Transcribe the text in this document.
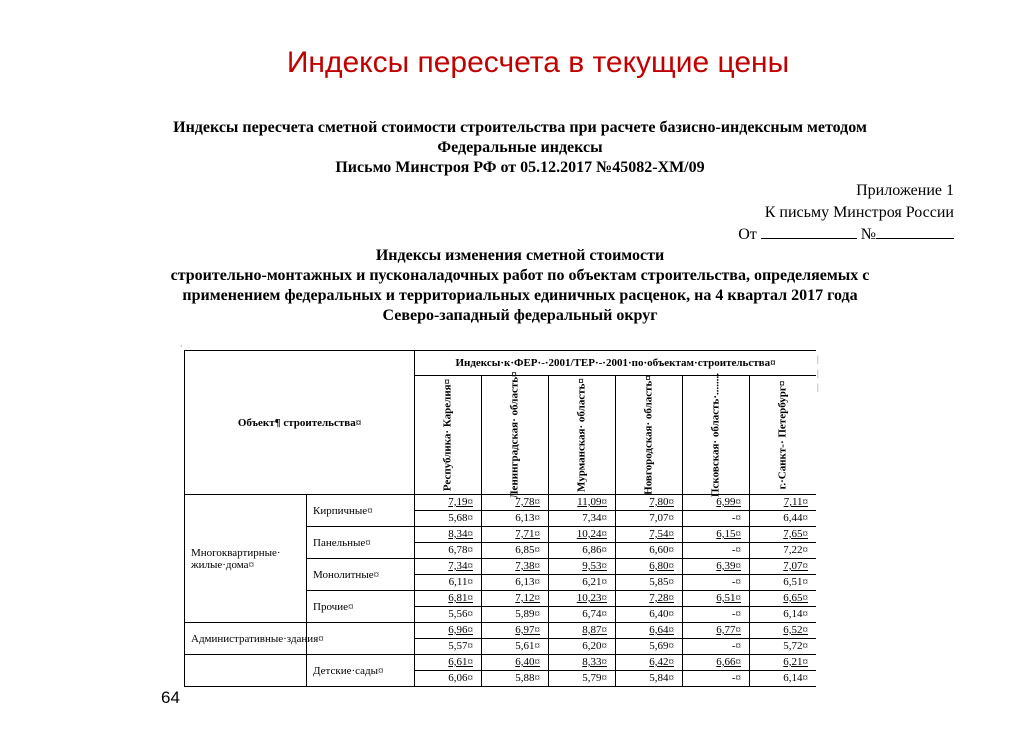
Индексы пересчета в текущие цены
Индексы пересчета сметной стоимости строительства при расчете базисно-индексным методом
Федеральные индексы
Письмо Минстроя РФ от 05.12.2017 №45082-ХМ/09
Приложение 1
К письму Минстроя России
От	№
Индексы изменения сметной стоимости
строительно-монтажных и пусконаладочных работ по объектам строительства, определяемых с
применением федеральных и территориальных единичных расценок, на 4 квартал 2017 года
Северо-западный федеральный округ
·
Объект¶ строительства¤		Индексы·к·ФЕР·-·2001/ТЕР·-·2001·по·объектам·строительства¤					

		Республика· Карелия¤	Ленинградская· область¤	Мурманская· область¤	Новгородская· область¤	Псковская· область·........	г.·Санкт-· Петербург¤

Многоквартирные· жилые·дома¤	Кирпичные¤	7,19¤	7,78¤	11,09¤	7,80¤	6,99¤	7,11¤
		5,68¤	6,13¤	7,34¤	7,07¤	-¤	6,44¤
	Панельные¤	8,34¤	7,71¤	10,24¤	7,54¤	6,15¤	7,65¤
		6,78¤	6,85¤	6,86¤	6,60¤	-¤	7,22¤
	Монолитные¤	7,34¤	7,38¤	9,53¤	6,80¤	6,39¤	7,07¤
		6,11¤	6,13¤	6,21¤	5,85¤	-¤	6,51¤
	Прочие¤	6,81¤	7,12¤	10,23¤	7,28¤	6,51¤	6,65¤
		5,56¤	5,89¤	6,74¤	6,40¤	-¤	6,14¤
Административные·здания¤		6,96¤	6,97¤	8,87¤	6,64¤	6,77¤	6,52¤
		5,57¤	5,61¤	6,20¤	5,69¤	-¤	5,72¤
	Детские·сады¤	6,61¤	6,40¤	8,33¤	6,42¤	6,66¤	6,21¤
		6,06¤	5,88¤	5,79¤	5,84¤	-¤	6,14¤
|
|
|
64
